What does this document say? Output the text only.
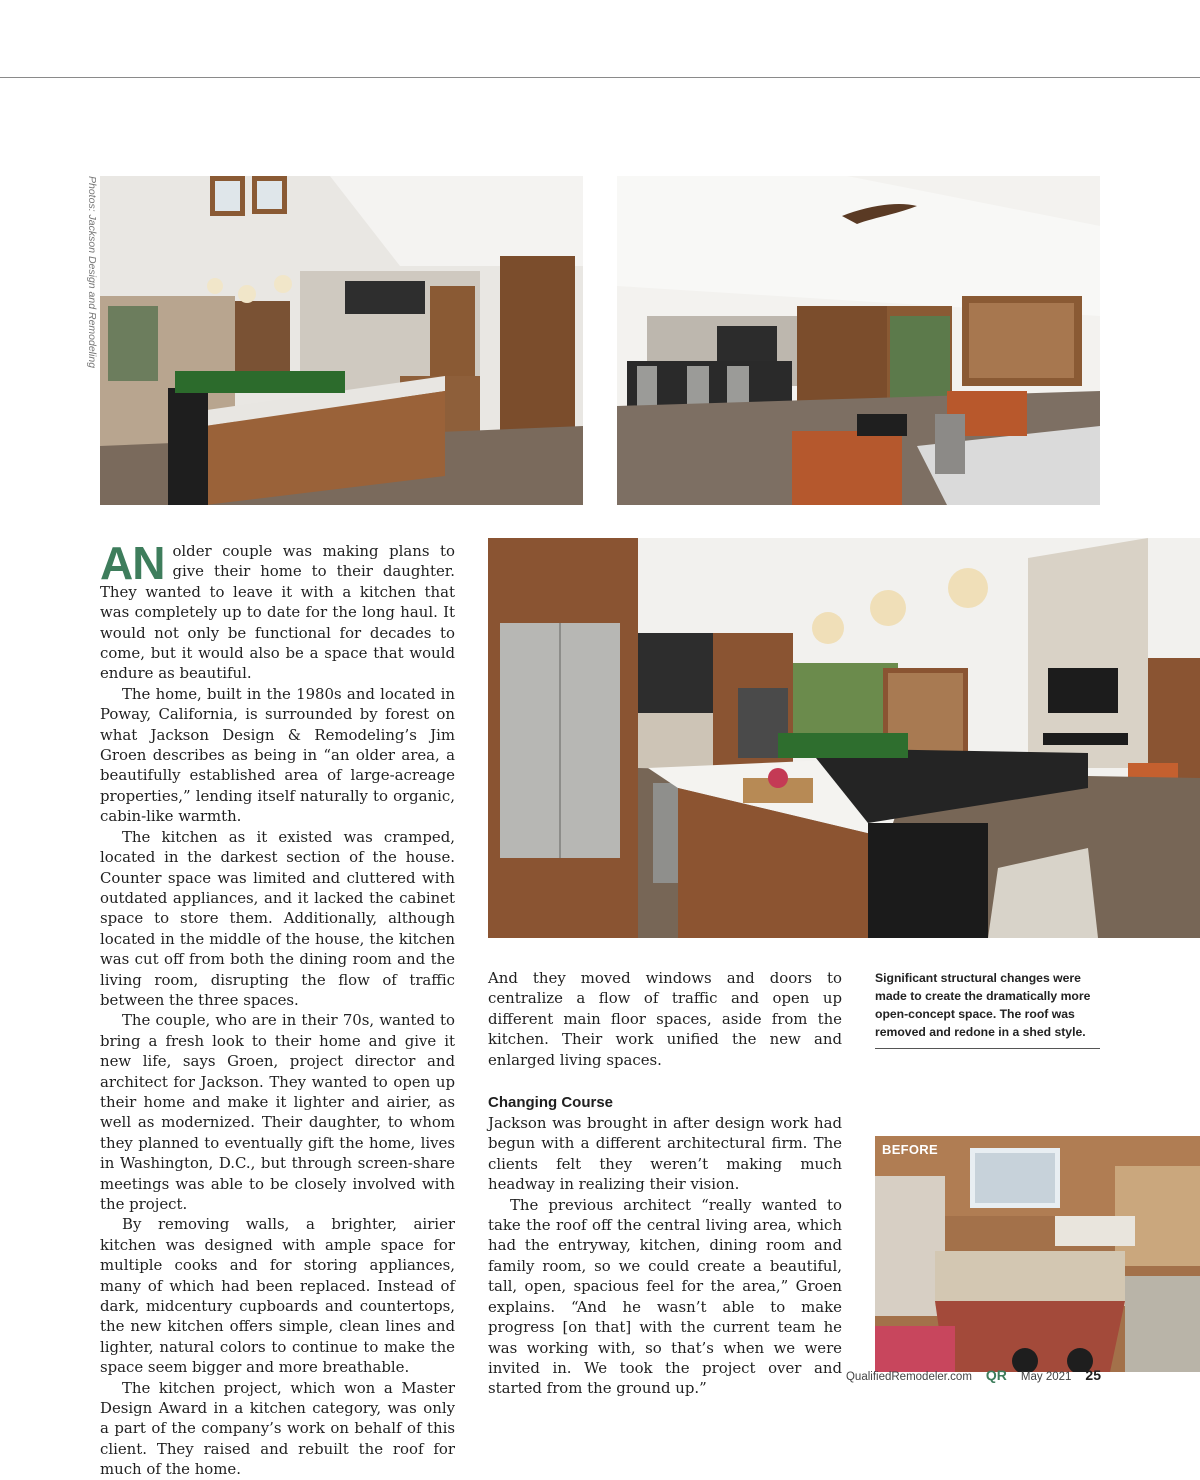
Photos: Jackson Design and Remodeling
BEFORE

AN older couple was making plans to give their home to their daughter. They wanted to leave it with a kitchen that was completely up to date for the long haul. It would not only be functional for decades to come, but it would also be a space that would endure as beautiful.

The home, built in the 1980s and located in Poway, California, is surrounded by forest on what Jackson Design & Remodeling’s Jim Groen describes as being in “an older area, a beautifully established area of large-acreage properties,” lending itself naturally to organic, cabin-like warmth.

The kitchen as it existed was cramped, located in the darkest section of the house. Counter space was limited and cluttered with outdated appliances, and it lacked the cabinet space to store them. Additionally, although located in the middle of the house, the kitchen was cut off from both the dining room and the living room, disrupting the flow of traffic between the three spaces.

The couple, who are in their 70s, wanted to bring a fresh look to their home and give it new life, says Groen, project director and architect for Jackson. They wanted to open up their home and make it lighter and airier, as well as modernized. Their daughter, to whom they planned to eventually gift the home, lives in Washington, D.C., but through screen-share meetings was able to be closely involved with the project.

By removing walls, a brighter, airier kitchen was designed with ample space for multiple cooks and for storing appliances, many of which had been replaced. Instead of dark, midcentury cupboards and countertops, the new kitchen offers simple, clean lines and lighter, natural colors to continue to make the space seem bigger and more breathable.

The kitchen project, which won a Master Design Award in a kitchen category, was only a part of the company’s work on behalf of this client. They raised and rebuilt the roof for much of the home.

And they moved windows and doors to centralize a flow of traffic and open up different main floor spaces, aside from the kitchen. Their work unified the new and enlarged living spaces.

Changing Course

Jackson was brought in after design work had begun with a different architectural firm. The clients felt they weren’t making much headway in realizing their vision.

The previous architect “really wanted to take the roof off the central living area, which had the entryway, kitchen, dining room and family room, so we could create a beautiful, tall, open, spacious feel for the area,” Groen explains. “And he wasn’t able to make progress [on that] with the current team he was working with, so that’s when we were invited in. We took the project over and started from the ground up.”

Significant structural changes were made to create the dramatically more open-concept space. The roof was removed and redone in a shed style.
QualifiedRemodeler.com QR May 2021 25
